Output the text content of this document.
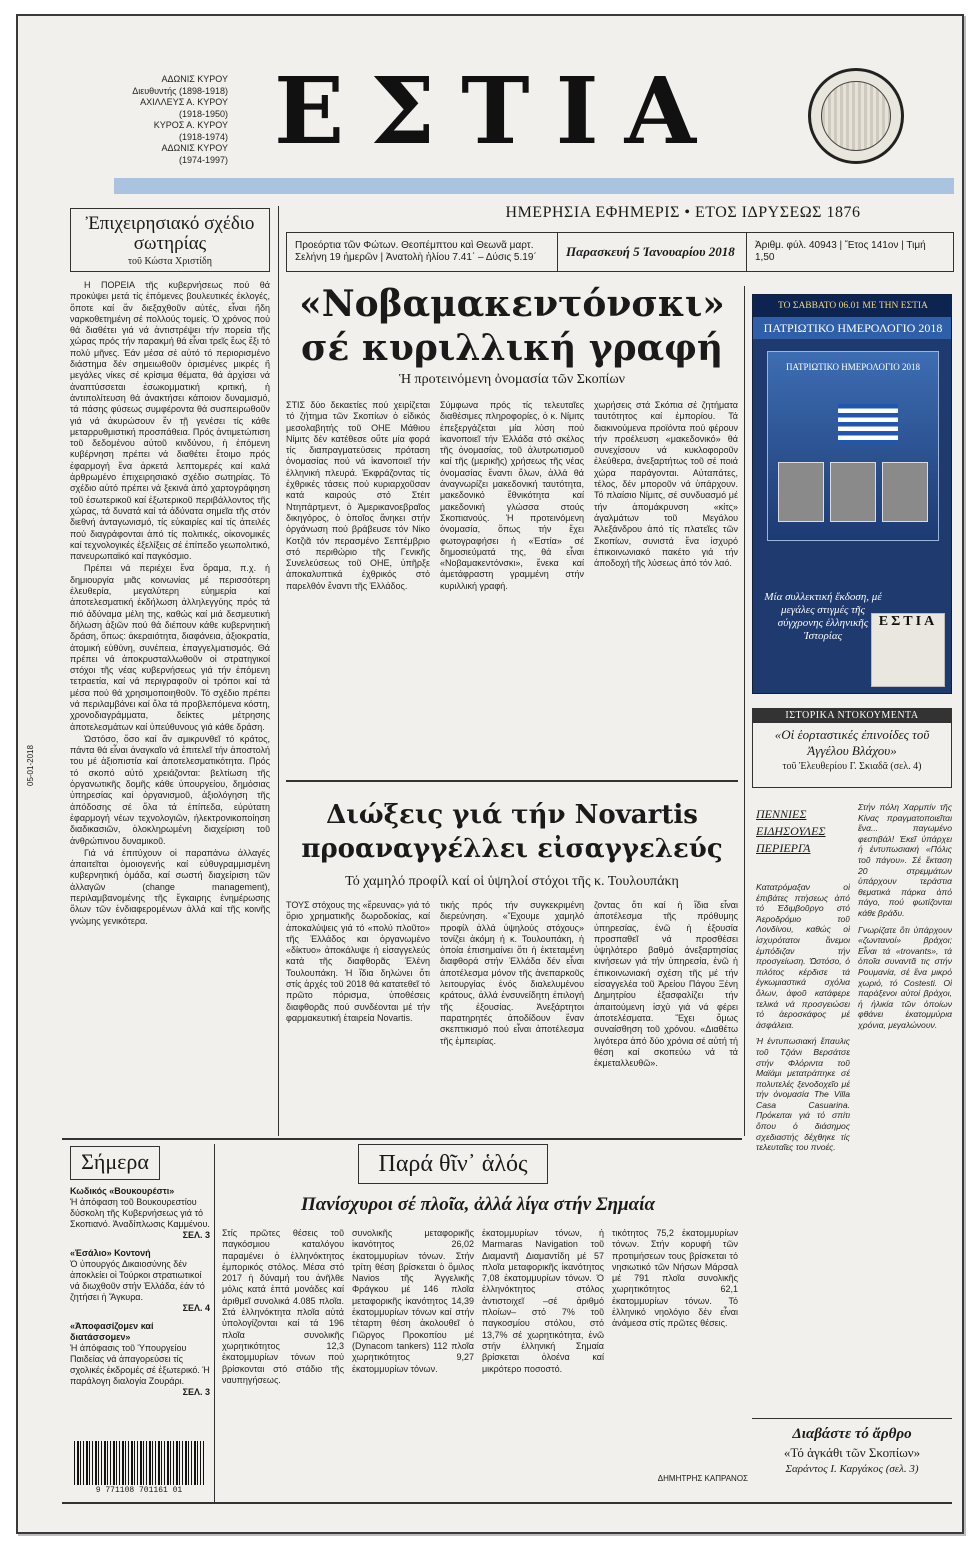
ΑΔΩΝΙΣ ΚΥΡΟΥ
Διευθυντής (1898-1918)
ΑΧΙΛΛΕΥΣ Α. ΚΥΡΟΥ
(1918-1950)
ΚΥΡΟΣ Α. ΚΥΡΟΥ
(1918-1974)
ΑΔΩΝΙΣ ΚΥΡΟΥ
(1974-1997) ΕΣΤΙΑ
ΗΜΕΡΗΣΙΑ ΕΦΗΜΕΡΙΣ • ΕΤΟΣ ΙΔΡΥΣΕΩΣ 1876
Προεόρτια τῶν Φώτων. Θεοπέμπτου καὶ Θεωνᾶ μαρτ.
Σελήνη 19 ἡμερῶν | Ἀνατολὴ ἡλίου 7.41΄ – Δύσις 5.19΄	Παρασκευή 5 Ἰανουαρίου 2018	Ἀριθμ. φύλ. 40943 | Ἔτος 141ον | Τιμή 1,50
05-01-2018
Ἐπιχειρησιακό σχέδιο σωτηρίας
τοῦ Κώστα Χριστίδη

Η ΠΟΡΕΙΑ τῆς κυβερνήσεως πού θά προκύψει μετά τίς ἑπόμενες βουλευτικές ἐκλογές, ὅποτε καί ἄν διεξαχθοῦν αὐτές, εἶναι ἤδη ναρκοθετημένη σέ πολλούς τομείς. Ὁ χρόνος πού θά διαθέτει γιά νά ἀντιστρέψει τήν πορεία τῆς χώρας πρός τήν παρακμή θά εἶναι τρεῖς ἕως ἕξι τό πολύ μῆνες. Ἐάν μέσα σέ αὐτό τό περιορισμένο διάστημα δέν σημειωθοῦν ὁρισμένες μικρές ἤ μεγάλες νίκες σέ κρίσιμα θέματα, θά ἀρχίσει νά ἀναπτύσσεται ἐσωκομματική κριτική, ἡ ἀντιπολίτευση θά ἀνακτήσει κάποιον δυναμισμό, τά πάσης φύσεως συμφέροντα θά συσπειρωθοῦν γιά νά ἀκυρώσουν ἕν τῇ γενέσει τίς κάθε μεταρρυθμιστική προσπάθεια. Πρός ἀντιμετώπιση τοῦ δεδομένου αὐτοῦ κινδύνου, ἡ ἑπόμενη κυβέρνηση πρέπει νά διαθέτει ἕτοιμο πρός ἐφαρμογή ἕνα ἀρκετά λεπτομερές καί καλά ἀρθρωμένο ἐπιχειρησιακό σχέδιο σωτηρίας. Τό σχέδιο αὐτό πρέπει νά ξεκινά ἀπό χαρτογράφηση τοῦ ἐσωτερικοῦ καί ἐξωτερικοῦ περιβάλλοντος τῆς χώρας, τά δυνατά καί τά ἀδύνατα σημεῖα τῆς στόν διεθνή ἀνταγωνισμό, τίς εὐκαιρίες καί τίς ἀπειλές πού διαγράφονται ἀπό τίς πολιτικές, οἰκονομικές καί τεχνολογικές ἐξελίξεις σέ ἐπίπεδο γεωπολιτικό, πανευρωπαϊκό καί παγκόσμιο.

Πρέπει νά περιέχει ἕνα ὅραμα, π.χ. ἡ δημιουργία μιᾶς κοινωνίας μέ περισσότερη ἐλευθερία, μεγαλύτερη εὐημερία καί ἀποτελεσματική ἐκδήλωση ἀλληλεγγύης πρός τά πιό ἀδύναμα μέλη της, καθώς καί μιά δεσμευτική δήλωση ἀξιῶν πού θά διέπουν κάθε κυβερνητική δράση, ὅπως: ἀκεραιότητα, διαφάνεια, ἀξιοκρατία, ἀτομική εὐθύνη, συνέπεια, ἐπαγγελματισμός. Θά πρέπει νά ἀποκρυσταλλωθοῦν οἱ στρατηγικοί στόχοι τῆς νέας κυβερνήσεως γιά τήν ἑπόμενη τετραετία, καί νά περιγραφοῦν οἱ τρόποι καί τά μέσα πού θά χρησιμοποιηθοῦν. Τό σχέδιο πρέπει νά περιλαμβάνει καί ὅλα τά προβλεπόμενα κόστη, χρονοδιαγράμματα, δείκτες μέτρησης ἀποτελεσμάτων καί ὑπεύθυνους γιά κάθε δράση.

Ὡστόσο, ὅσο καί ἄν σμικρυνθεῖ τό κράτος, πάντα θά εἶναι ἀναγκαῖο νά ἐπιτελεῖ τήν ἀποστολή του μέ ἀξιοπιστία καί ἀποτελεσματικότητα. Πρός τό σκοπό αὐτό χρειάζονται: βελτίωση τῆς ὀργανωτικῆς δομῆς κάθε ὑπουργείου, δημόσιας ὑπηρεσίας καί ὀργανισμοῦ, ἀξιολόγηση τῆς ἀπόδοσης σέ ὅλα τά ἐπίπεδα, εὐρύτατη ἐφαρμογή νέων τεχνολογιῶν, ἠλεκτρονικοποίηση διαδικασιῶν, ὁλοκληρωμένη διαχείριση τοῦ ἀνθρώπινου δυναμικοῦ.

Γιά νά ἐπιτύχουν οἱ παραπάνω ἀλλαγές ἀπαιτεῖται ὁμοιογενής καί εὐθυγραμμισμένη κυβερνητική ὁμάδα, καί σωστή διαχείριση τῶν ἀλλαγῶν (change management), περιλαμβανομένης τῆς ἔγκαιρης ἐνημέρωσης ὅλων τῶν ἐνδιαφερομένων ἀλλά καί τῆς κοινῆς γνώμης γενικότερα.

«Νοβαμακεντόνσκι» σέ κυριλλική γραφή
Ἡ προτεινόμενη ὀνομασία τῶν Σκοπίων
ΣΤΙΣ δύο δεκαετίες πού χειρίζεται τό ζήτημα τῶν Σκοπίων ὁ εἰδικός μεσολαβητής τοῦ ΟΗΕ Μάθιου Νίμιτς δέν κατέθεσε οὔτε μία φορά τίς διαπραγματεύσεις πρόταση ὀνομασίας πού νά ἱκανοποιεῖ τήν ἑλληνική πλευρά. Ἐκφράζοντας τίς ἐχθρικές τάσεις πού κυριαρχοῦσαν κατά καιρούς στό Στέιτ Ντηπάρτμεντ, ὁ Ἀμερικανοεβραῖος δικηγόρος, ὁ ὁποῖος ἄνηκει στήν ὀργάνωση πού βράβευσε τόν Νίκο Κοτζιᾶ τόν περασμένο Σεπτέμβριο στό περιθώριο τῆς Γενικῆς Συνελεύσεως τοῦ ΟΗΕ, ὑπῆρξε ἀποκαλυπτικά ἐχθρικός στό παρελθόν ἔναντι τῆς Ἑλλάδος.
Σύμφωνα πρός τίς τελευταῖες διαθέσιμες πληροφορίες, ὁ κ. Νίμιτς ἐπεξεργάζεται μία λύση πού ἱκανοποιεῖ τήν Ἑλλάδα στό σκέλος τῆς ὀνομασίας, τοῦ ἀλυτρωτισμοῦ καί τῆς (μερικῆς) χρήσεως τῆς νέας ὀνομασίας ἔναντι ὅλων, ἀλλά θά ἀναγνωρίζει μακεδονική ταυτότητα, μακεδονικό ἔθνικότητα καί μακεδονική γλώσσα στούς Σκοπιανούς. Ἡ προτεινόμενη ὀνομασία, ὅπως τήν ἔχει φωτογραφήσει ἡ «Ἑστία» σέ δημοσιεύματά της, θά εἶναι «Νοβαμακεντόνσκι», ἔνεκα καί ἀμετάφραστη γραμμένη στήν κυριλλική γραφή.
χωρήσεις στά Σκόπια σέ ζητήματα ταυτότητος καί ἐμπορίου. Τά διακινούμενα προϊόντα πού φέρουν τήν προέλευση «μακεδονικό» θά συνεχίσουν νά κυκλοφοροῦν ἐλεύθερα, ἀνεξαρτήτως τοῦ σέ ποιά χώρα παράγονται. Αὐταπάτες, τέλος, δέν μποροῦν νά ὑπάρχουν. Τό πλαίσιο Νίμιτς, σέ συνδυασμό μέ τήν ἀπομάκρυνση «κίτς» ἀγαλμάτων τοῦ Μεγάλου Ἀλεξάνδρου ἀπό τίς πλατεῖες τῶν Σκοπίων, συνιστά ἕνα ἰσχυρό ἐπικοινωνιακό πακέτο γιά τήν ἀποδοχή τῆς λύσεως ἀπό τόν λαό.
Διώξεις γιά τήν Novartis προαναγγέλλει εἰσαγγελεύς
Τό χαμηλό προφίλ καί οἱ ὑψηλοί στόχοι τῆς κ. Τουλουπάκη
ΤΟΥΣ στόχους της «ἔρευνας» γιά τό ὅριο χρηματικῆς δωροδοκίας, καί ἀποκαλύψεις γιά τό «πολύ πλοῦτο» τῆς Ἑλλάδος και ὀργανωμένο «δίκτυο» ἀποκάλυψε ἡ εἰσαγγελεύς κατά τῆς διαφθορᾶς Ἐλένη Τουλουπάκη. Ἡ ἴδια δηλώνει ὅτι στίς ἀρχές τοῦ 2018 θά κατατεθεῖ τό πρῶτο πόρισμα, ὑποθέσεις διαφθορᾶς πού συνδέονται μέ τήν φαρμακευτική ἑταιρεία Novartis.
τικής πρός τήν συγκεκριμένη διερεύνηση. «Ἔχουμε χαμηλό προφίλ ἀλλά ὑψηλούς στόχους» τονίζει ἀκόμη ἡ κ. Τουλουπάκη, ἡ ὁποία ἐπισημαίνει ὅτι ἡ ἐκτεταμένη διαφθορά στήν Ἑλλάδα δέν εἶναι ἀποτέλεσμα μόνον τῆς ἀνεπαρκοῦς λειτουργίας ἑνός διαλελυμένου κράτους, ἀλλά ἐνσυνείδητη ἐπιλογή τῆς ἐξουσίας. Ἀνεξάρτητοι παρατηρητές ἀποδίδουν ἕναν σκεπτικισμό πού εἶναι ἀποτέλεσμα τῆς ἐμπειρίας.
ζοντας ὅτι καί ἡ ἴδια εἶναι ἀποτέλεσμα τῆς πρόθυμης ὑπηρεσίας, ἐνῶ ἡ ἐξουσία προσπαθεῖ νά προσθέσει ὑψηλότερο βαθμό ἀνεξαρτησίας κινήσεων γιά τήν ὑπηρεσία, ἐνῶ ἡ ἐπικοινωνιακή σχέση τῆς μέ τήν εἰσαγγελέα τοῦ Ἀρείου Πάγου Ξένη Δημητρίου ἐξασφαλίζει τήν ἀπαιτούμενη ἰσχύ γιά νά φέρει ἀποτελέσματα. Ἔχει ὅμως συναίσθηση τοῦ χρόνου. «Διαθέτω λιγότερα ἀπό δύο χρόνια σέ αὐτή τή θέση καί σκοπεύω νά τά ἐκμεταλλευθῶ».
ΤΟ ΣΑΒΒΑΤΟ 06.01 ΜΕ ΤΗΝ ΕΣΤΙΑ
ΠΑΤΡΙΩΤΙΚΟ ΗΜΕΡΟΛΟΓΙΟ 2018
ΠΑΤΡΙΩΤΙΚΟ ΗΜΕΡΟΛΟΓΙΟ 2018
Μία συλλεκτική ἔκδοση, μέ μεγάλες στιγμές τῆς σύγχρονης ἑλληνικῆς Ἱστορίας
ΕΣΤΙΑ
ΙΣΤΟΡΙΚΑ ΝΤΟΚΟΥΜΕΝΤΑ
«Οἱ ἑορταστικές ἐπινοίδες τοῦ Ἀγγέλου Βλάχου»
τοῦ Ἐλευθερίου Γ. Σκιαδᾶ (σελ. 4)
ΠΕΝΝΙΕΣ
ΕΙΔΗΣΟΥΛΕΣ
ΠΕΡΙΕΡΓΑ

Κατατρόμαξαν οἱ ἐπιβάτες πτήσεως ἀπό τό Ἐδιμβοῦργο στό Ἀεροδρόμιο τοῦ Λονδίνου, καθώς οἱ ἰσχυρότατοι ἄνεμοι ἐμπόδιζαν τήν προσγείωση. Ὡστόσο, ὁ πιλότος κέρδισε τά ἐγκωμιαστικά σχόλια ὅλων, ἀφοῦ κατάφερε τελικά νά προσγειώσει τό ἀεροσκάφος μέ ἀσφάλεια.

Ἡ ἐντυπωσιακή ἔπαυλις τοῦ Τζιάνι Βερσάτσε στήν Φλόριντα τοῦ Μαϊάμι μετατράπηκε σέ πολυτελές ξενοδοχεῖο μέ τήν ὀνομασία The Villa Casa Casuarina. Πρόκειται γιά τό σπίτι ὅπου ὁ διάσημος σχεδιαστής δέχθηκε τίς τελευταῖες του πνοές.

Στήν πόλη Χαρμπίν τῆς Κίνας πραγματοποιεῖται ἕνα... παγωμένο φεστιβάλ! Ἐκεῖ ὑπάρχει ἡ ἐντυπωσιακή «Πόλις τοῦ πάγου». Σέ ἔκταση 20 στρεμμάτων ὑπάρχουν τεράστια θεματικά πάρκα ἀπό πάγο, πού φωτίζονται κάθε βράδυ.

Γνωρίζατε ὅτι ὑπάρχουν «ζωντανοί» βράχοι; Εἶναι τά «trovants», τά ὁποῖα συναντᾶ τις στήν Ρουμανία, σέ ἕνα μικρό χωριό, τό Costesti. Οἱ παράξενοι αὐτοί βράχοι, ἡ ἡλικία τῶν ὁποίων φθάνει ἑκατομμύρια χρόνια, μεγαλώνουν.

Σήμερα
Κωδικός «Βουκουρέστι»
Ἡ ἀπόφαση τοῦ Βουκουρεστίου δύσκολη τῆς Κυβερνήσεως γιά τό Σκοπιανό. Ἀναδίπλωσις Καμμένου.
ΣΕΛ. 3
«Ἐσάλιο» Κοντονή
Ὁ ὑπουργός Δικαιοσύνης δέν ἀποκλείει οἱ Τούρκοι στρατιωτικοί νά διωχθοῦν στήν Ἑλλάδα, ἐάν τό ζητήσει ἡ Ἄγκυρα.
ΣΕΛ. 4
«Ἀποφασίζομεν καί διατάσσομεν»
Ἡ ἀπόφασις τοῦ Ὑπουργείου Παιδείας νά ἀπαγορεύσει τίς σχολικές ἐκδρομές σέ ἐξωτερικό. Ἡ παράλογη διαλογία Ζουράρι.
ΣΕΛ. 3
9 771108 701161 01
Παρά θῖν᾽ ἁλός
Πανίσχυροι σέ πλοῖα, ἀλλά λίγα στήν Σημαία
Στίς πρῶτες θέσεις τοῦ παγκόσμιου καταλόγου παραμένει ὁ ἑλληνόκτητος ἐμπορικός στόλος. Μέσα στό 2017 ἡ δύναμή του ἀνῆλθε μόλις κατά ἑπτά μονάδες καί ἀριθμεῖ συνολικά 4.085 πλοῖα. Στά ἐλληνόκτητα πλοῖα αὐτά ὑπολογίζονται καί τά 196 πλοῖα συνολικῆς χωρητικότητος 12,3 ἑκατομμυρίων τόνων πού βρίσκονται στό στάδιο τῆς ναυπηγήσεως.
συνολικῆς μεταφορικῆς ἱκανότητος 26,02 ἑκατομμυρίων τόνων. Στήν τρίτη θέση βρίσκεται ὁ ὅμιλος Navios τῆς Ἀγγελικῆς Φράγκου μέ 146 πλοῖα μεταφορικῆς ἱκανότητος 14,39 ἑκατομμυρίων τόνων καί στήν τέταρτη θέση ἀκολουθεῖ ὁ Γιῶργος Προκοπίου μέ (Dynacom tankers) 112 πλοῖα χωρητικότητος 9,27 ἑκατομμυρίων τόνων.
ἑκατομμυρίων τόνων, ἡ Marmaras Navigation τοῦ Διαμαντῆ Διαμαντίδη μέ 57 πλοῖα μεταφορικῆς ἱκανότητος 7,08 ἑκατομμυρίων τόνων. Ὁ ἑλληνόκτητος στόλος ἀντιστοιχεῖ –σέ ἀριθμό πλοίων– στό 7% τοῦ παγκοσμίου στόλου, στό 13,7% σέ χωρητικότητα, ἐνῶ στήν ἑλληνική Σημαία βρίσκεται ὁλοένα καί μικρότερο ποσοστό.
τικότητος 75,2 ἑκατομμυρίων τόνων. Στήν κορυφή τῶν προτιμήσεων τους βρίσκεται τό νησιωτικό τῶν Νήσων Μάρσαλ μέ 791 πλοῖα συνολικῆς χωρητικότητος 62,1 ἑκατομμυρίων τόνων. Τό ἑλληνικό νηολόγιο δέν εἶναι ἀνάμεσα στίς πρῶτες θέσεις.
ΔΗΜΗΤΡΗΣ ΚΑΠΡΑΝΟΣ
Διαβάστε τό ἄρθρο
«Τό ἀγκάθι τῶν Σκοπίων»
Σαράντος Ι. Καργάκος (σελ. 3)
